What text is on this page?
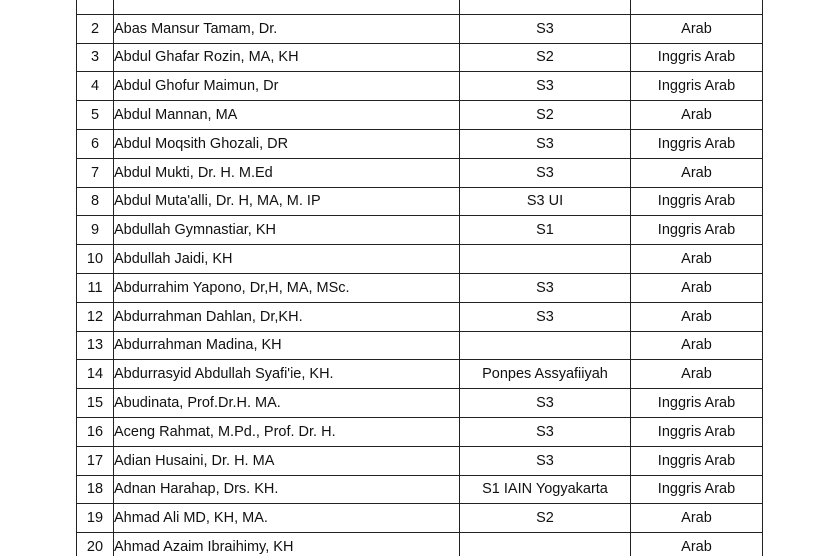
2	Abas Mansur Tamam, Dr.	S3	Arab
3	Abdul Ghafar Rozin, MA, KH	S2	Inggris Arab
4	Abdul Ghofur Maimun, Dr	S3	Inggris Arab
5	Abdul Mannan, MA	S2	Arab
6	Abdul Moqsith Ghozali, DR	S3	Inggris Arab
7	Abdul Mukti, Dr. H. M.Ed	S3	Arab
8	Abdul Muta'alli, Dr. H, MA, M. IP	S3 UI	Inggris Arab
9	Abdullah Gymnastiar, KH	S1	Inggris Arab
10	Abdullah Jaidi, KH		Arab
11	Abdurrahim Yapono, Dr,H, MA, MSc.	S3	Arab
12	Abdurrahman Dahlan, Dr,KH.	S3	Arab
13	Abdurrahman Madina, KH		Arab
14	Abdurrasyid Abdullah Syafi'ie, KH.	Ponpes Assyafiiyah	Arab
15	Abudinata, Prof.Dr.H. MA.	S3	Inggris Arab
16	Aceng Rahmat, M.Pd., Prof. Dr. H.	S3	Inggris Arab
17	Adian Husaini, Dr. H. MA	S3	Inggris Arab
18	Adnan Harahap, Drs. KH.	S1 IAIN Yogyakarta	Inggris Arab
19	Ahmad Ali MD, KH, MA.	S2	Arab
20	Ahmad Azaim Ibraihimy, KH		Arab
